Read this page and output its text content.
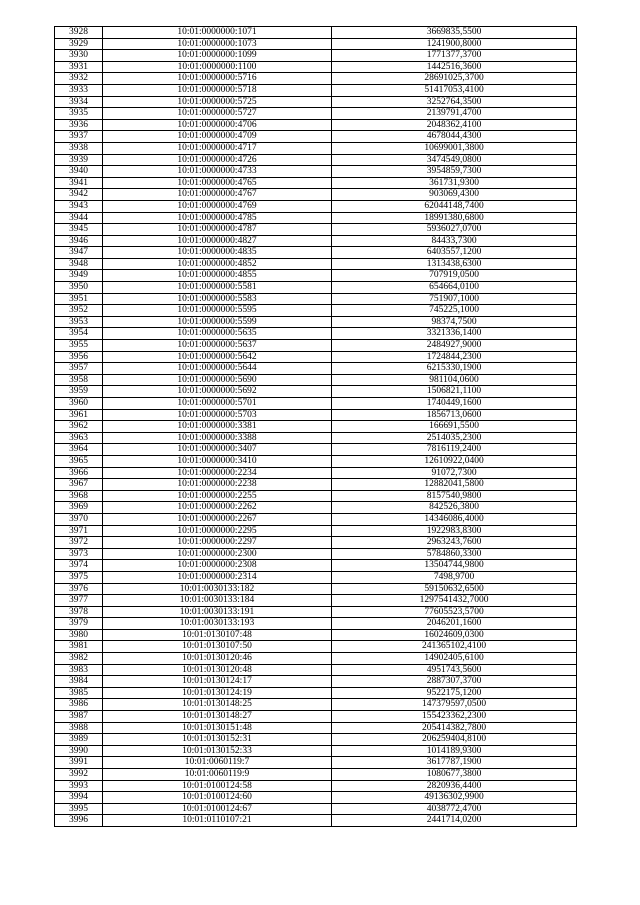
3928	10:01:0000000:1071	3669835,5500
3929	10:01:0000000:1073	1241900,8000
3930	10:01:0000000:1099	1771377,3700
3931	10:01:0000000:1100	1442516,3600
3932	10:01:0000000:5716	28691025,3700
3933	10:01:0000000:5718	51417053,4100
3934	10:01:0000000:5725	3252764,3500
3935	10:01:0000000:5727	2139791,4700
3936	10:01:0000000:4706	2048362,4100
3937	10:01:0000000:4709	4678044,4300
3938	10:01:0000000:4717	10699001,3800
3939	10:01:0000000:4726	3474549,0800
3940	10:01:0000000:4733	3954859,7300
3941	10:01:0000000:4765	361731,9300
3942	10:01:0000000:4767	903069,4300
3943	10:01:0000000:4769	62044148,7400
3944	10:01:0000000:4785	18991380,6800
3945	10:01:0000000:4787	5936027,0700
3946	10:01:0000000:4827	84433,7300
3947	10:01:0000000:4835	6403557,1200
3948	10:01:0000000:4852	1313438,6300
3949	10:01:0000000:4855	707919,0500
3950	10:01:0000000:5581	654664,0100
3951	10:01:0000000:5583	751907,1000
3952	10:01:0000000:5595	745225,1000
3953	10:01:0000000:5599	98374,7500
3954	10:01:0000000:5635	3321336,1400
3955	10:01:0000000:5637	2484927,9000
3956	10:01:0000000:5642	1724844,2300
3957	10:01:0000000:5644	6215330,1900
3958	10:01:0000000:5690	981104,0600
3959	10:01:0000000:5692	1506821,1100
3960	10:01:0000000:5701	1740449,1600
3961	10:01:0000000:5703	1856713,0600
3962	10:01:0000000:3381	166691,5500
3963	10:01:0000000:3388	2514035,2300
3964	10:01:0000000:3407	7816119,2400
3965	10:01:0000000:3410	12610922,0400
3966	10:01:0000000:2234	91072,7300
3967	10:01:0000000:2238	12882041,5800
3968	10:01:0000000:2255	8157540,9800
3969	10:01:0000000:2262	842526,3800
3970	10:01:0000000:2267	14346086,4000
3971	10:01:0000000:2295	1922983,8300
3972	10:01:0000000:2297	2963243,7600
3973	10:01:0000000:2300	5784860,3300
3974	10:01:0000000:2308	13504744,9800
3975	10:01:0000000:2314	7498,9700
3976	10:01:0030133:182	59150632,6500
3977	10:01:0030133:184	1297541432,7000
3978	10:01:0030133:191	77605523,5700
3979	10:01:0030133:193	2046201,1600
3980	10:01:0130107:48	16024609,0300
3981	10:01:0130107:50	241365102,4100
3982	10:01:0130120:46	14902405,6100
3983	10:01:0130120:48	4951743,5600
3984	10:01:0130124:17	2887307,3700
3985	10:01:0130124:19	9522175,1200
3986	10:01:0130148:25	147379597,0500
3987	10:01:0130148:27	155423362,2300
3988	10:01:0130151:48	205414382,7800
3989	10:01:0130152:31	206259404,8100
3990	10:01:0130152:33	1014189,9300
3991	10:01:0060119:7	3617787,1900
3992	10:01:0060119:9	1080677,3800
3993	10:01:0100124:58	2820936,4400
3994	10:01:0100124:60	49136302,9900
3995	10:01:0100124:67	4038772,4700
3996	10:01:0110107:21	2441714,0200
